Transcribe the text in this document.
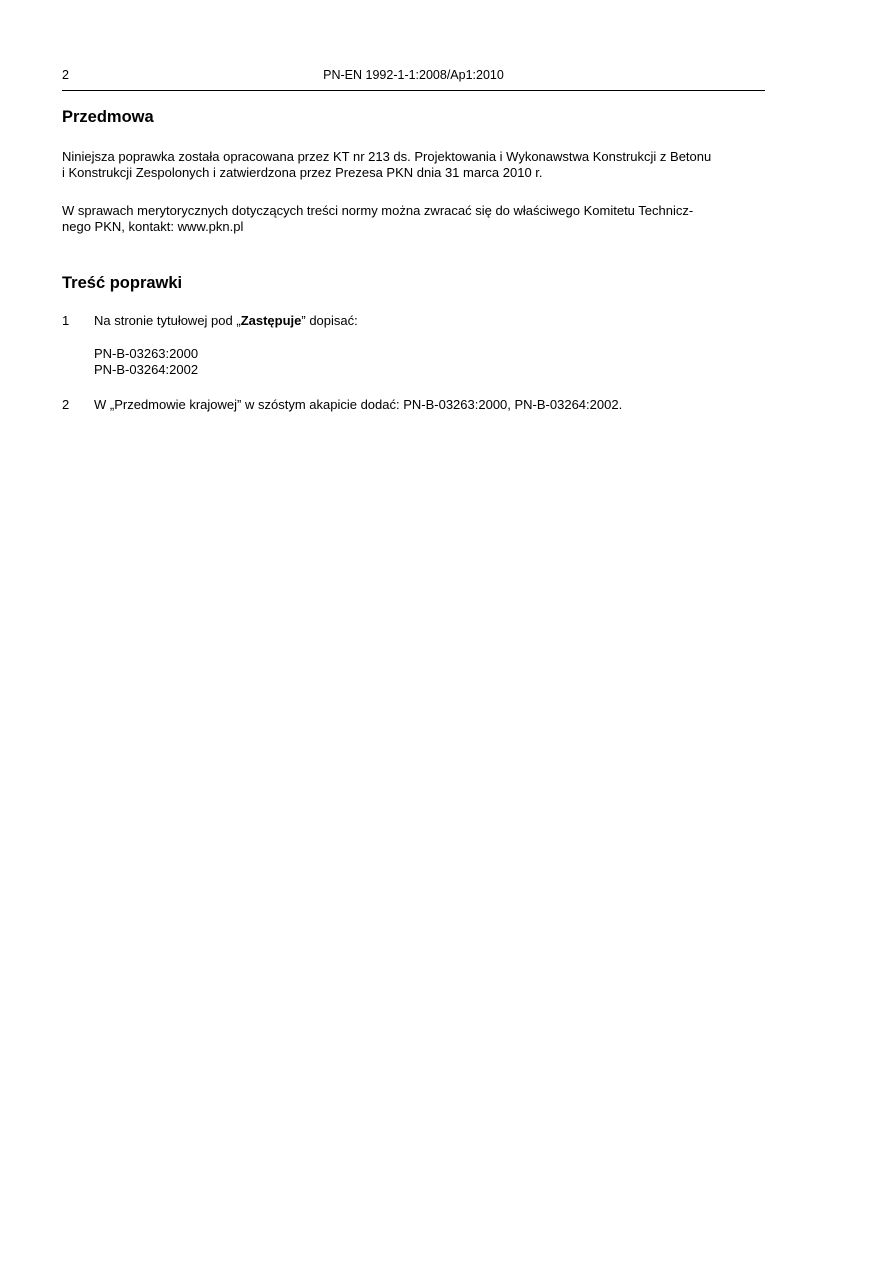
2	PN-EN 1992-1-1:2008/Ap1:2010
Przedmowa
Niniejsza poprawka została opracowana przez KT nr 213 ds. Projektowania i Wykonawstwa Konstrukcji z Betonu
i Konstrukcji Zespolonych i zatwierdzona przez Prezesa PKN dnia 31 marca 2010 r.
W sprawach merytorycznych dotyczących treści normy można zwracać się do właściwego Komitetu Technicz-
nego PKN, kontakt: www.pkn.pl
Treść poprawki
1 Na stronie tytułowej pod „Zastępuje” dopisać:
PN-B-03263:2000
PN-B-03264:2002
2 W „Przedmowie krajowej” w szóstym akapicie dodać: PN-B-03263:2000, PN-B-03264:2002.
